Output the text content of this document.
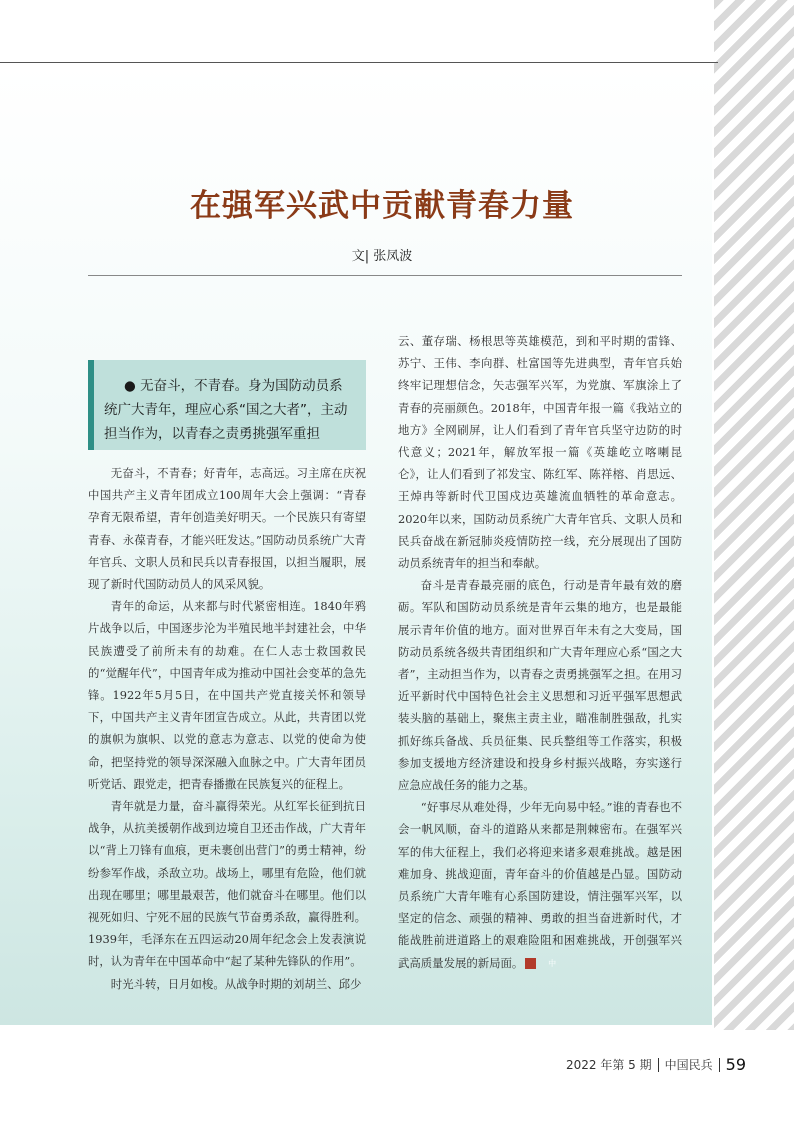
在强军兴武中贡献青春力量
文| 张凤波
● 无奋斗，不青春。身为国防动员系统广大青年，理应心系“国之大者”，主动担当作为，以青春之责勇挑强军重担

无奋斗，不青春；好青年，志高远。习主席在庆祝中国共产主义青年团成立100周年大会上强调：“青春孕育无限希望，青年创造美好明天。一个民族只有寄望青春、永葆青春，才能兴旺发达。”国防动员系统广大青年官兵、文职人员和民兵以青春报国，以担当履职，展现了新时代国防动员人的风采风貌。

青年的命运，从来都与时代紧密相连。1840年鸦片战争以后，中国逐步沦为半殖民地半封建社会，中华民族遭受了前所未有的劫难。在仁人志士救国救民的“觉醒年代”，中国青年成为推动中国社会变革的急先锋。1922年5月5日，在中国共产党直接关怀和领导下，中国共产主义青年团宣告成立。从此，共青团以党的旗帜为旗帜、以党的意志为意志、以党的使命为使命，把坚持党的领导深深融入血脉之中。广大青年团员听党话、跟党走，把青春播撒在民族复兴的征程上。

青年就是力量，奋斗赢得荣光。从红军长征到抗日战争，从抗美援朝作战到边境自卫还击作战，广大青年以“背上刀锋有血痕，更未裹创出营门”的勇士精神，纷纷参军作战，杀敌立功。战场上，哪里有危险，他们就出现在哪里；哪里最艰苦，他们就奋斗在哪里。他们以视死如归、宁死不屈的民族气节奋勇杀敌，赢得胜利。1939年，毛泽东在五四运动20周年纪念会上发表演说时，认为青年在中国革命中“起了某种先锋队的作用”。

时光斗转，日月如梭。从战争时期的刘胡兰、邱少

云、董存瑞、杨根思等英雄模范，到和平时期的雷锋、苏宁、王伟、李向群、杜富国等先进典型，青年官兵始终牢记理想信念，矢志强军兴军，为党旗、军旗涂上了青春的亮丽颜色。2018年，中国青年报一篇《我站立的地方》全网刷屏，让人们看到了青年官兵坚守边防的时代意义；2021年，解放军报一篇《英雄屹立喀喇昆仑》，让人们看到了祁发宝、陈红军、陈祥榕、肖思远、王焯冉等新时代卫国戍边英雄流血牺牲的革命意志。2020年以来，国防动员系统广大青年官兵、文职人员和民兵奋战在新冠肺炎疫情防控一线，充分展现出了国防动员系统青年的担当和奉献。

奋斗是青春最亮丽的底色，行动是青年最有效的磨砺。军队和国防动员系统是青年云集的地方，也是最能展示青年价值的地方。面对世界百年未有之大变局，国防动员系统各级共青团组织和广大青年理应心系“国之大者”，主动担当作为，以青春之责勇挑强军之担。在用习近平新时代中国特色社会主义思想和习近平强军思想武装头脑的基础上，聚焦主责主业，瞄准制胜强敌，扎实抓好练兵备战、兵员征集、民兵整组等工作落实，积极参加支援地方经济建设和投身乡村振兴战略，夯实遂行应急应战任务的能力之基。

“好事尽从难处得，少年无向易中轻。”谁的青春也不会一帆风顺，奋斗的道路从来都是荆棘密布。在强军兴军的伟大征程上，我们必将迎来诸多艰难挑战。越是困难加身、挑战迎面，青年奋斗的价值越是凸显。国防动员系统广大青年唯有心系国防建设，情注强军兴军，以坚定的信念、顽强的精神、勇敢的担当奋进新时代，才能战胜前进道路上的艰难险阻和困难挑战，开创强军兴武高质量发展的新局面。	中

2022 年第 5 期 中国民兵 59
